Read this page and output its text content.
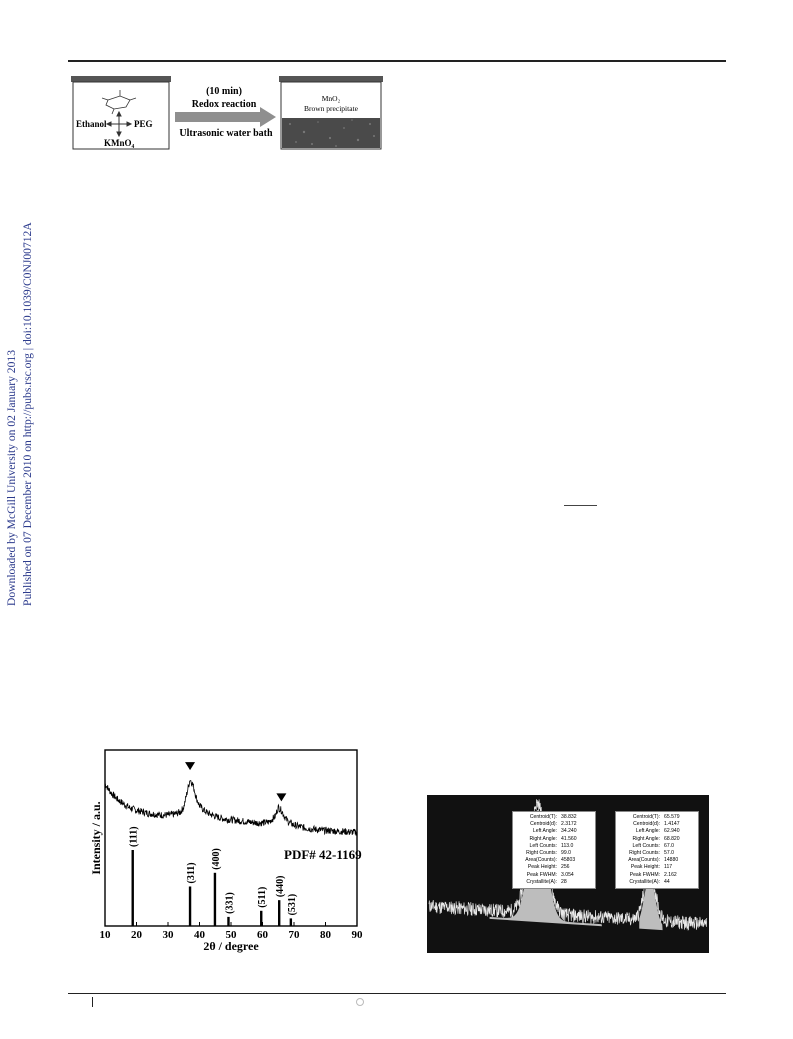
Downloaded by McGill University on 02 January 2013 Published on 07 December 2010 on http://pubs.rsc.org | doi:10.1039/C0NJ00712A
Ethanol	PEG
KMnO₄
(10 min)
Redox reaction
Ultrasonic water bath
MnO₂
Brown precipitate
Intensity / a.u.
2θ / degree
PDF# 42-1169
10 20 30 40 50 60 70 80 90
(111)
(311)
(400)
(331) (511)
(440)
(531)
Centroid(T): 38.832
Centroid(d): 2.3172
Left Angle: 34.240
Right Angle: 41.560
Left Counts: 113.0
Right Counts: 99.0
Area(Counts): 45803
Peak Height: 256
Peak FWHM: 3.054
Crystallite(A): 28
Centroid(T): 65.579
Centroid(d): 1.4147
Left Angle: 62.940
Right Angle: 68.820
Left Counts: 67.0
Right Counts: 57.0
Area(Counts): 14880
Peak Height: 117
Peak FWHM: 2.162
Crystallite(A): 44
